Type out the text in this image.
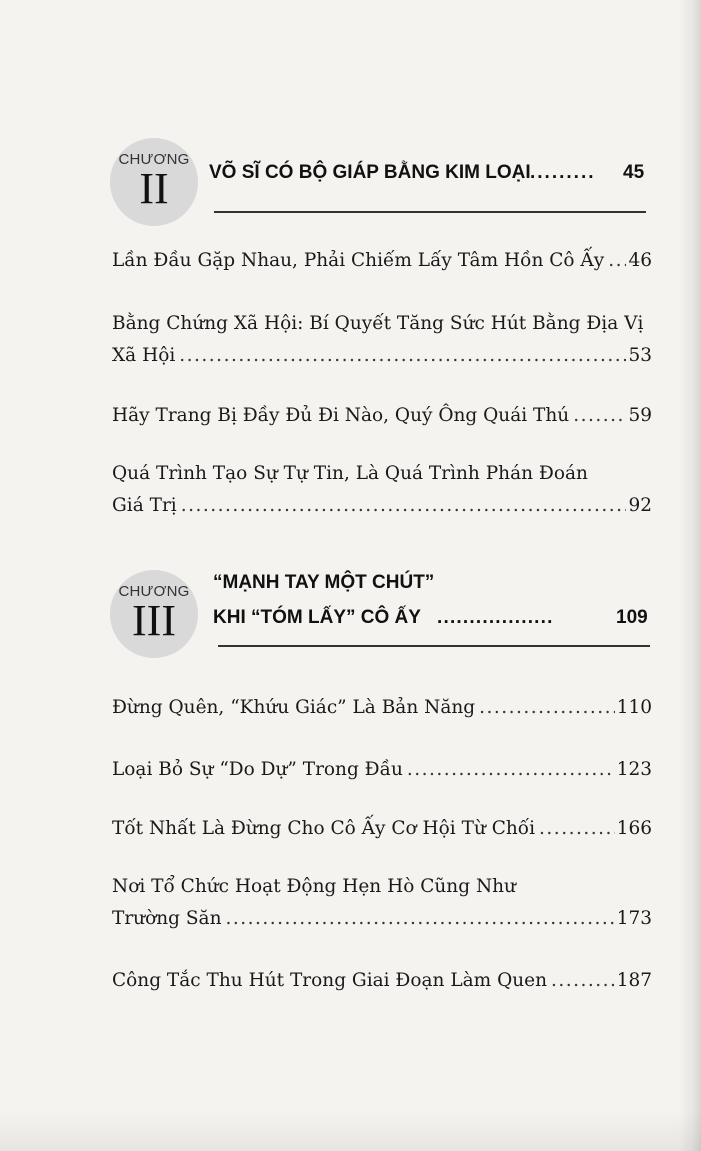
CHƯƠNG
II	VÕ SĨ CÓ BỘ GIÁP BẰNG KIM LOẠI ......... 45
Lần Đầu Gặp Nhau, Phải Chiếm Lấy Tâm Hồn Cô Ấy ..... 46
Bằng Chứng Xã Hội: Bí Quyết Tăng Sức Hút Bằng Địa Vị
Xã Hội .....	53
Hãy Trang Bị Đầy Đủ Đi Nào, Quý Ông Quái Thú .....	59
Quá Trình Tạo Sự Tự Tin, Là Quá Trình Phán Đoán
Giá Trị .....	92
CHƯƠNG
III
“MẠNH TAY MỘT CHÚT”
KHI “TÓM LẤY” CÔ ẤY ..................	109
Đừng Quên, “Khứu Giác” Là Bản Năng .....	110
Loại Bỏ Sự “Do Dự” Trong Đầu .....	123
Tốt Nhất Là Đừng Cho Cô Ấy Cơ Hội Từ Chối .....	166
Nơi Tổ Chức Hoạt Động Hẹn Hò Cũng Như
Trường Săn .....	173
Công Tắc Thu Hút Trong Giai Đoạn Làm Quen .....	187
